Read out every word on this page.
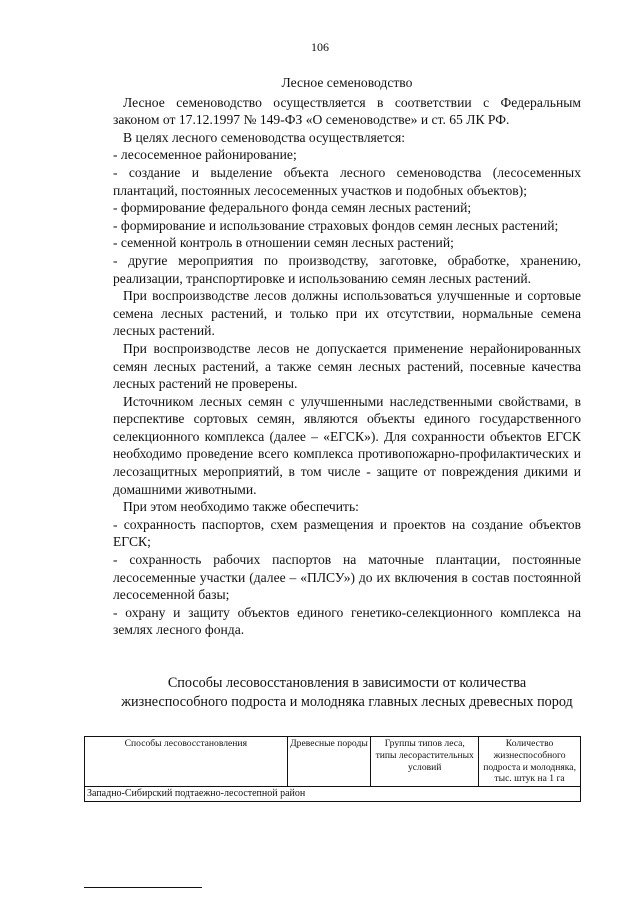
106

Лесное семеноводство

Лесное семеноводство осуществляется в соответствии с Федеральным законом от 17.12.1997 № 149-ФЗ «О семеноводстве» и ст. 65 ЛК РФ.

В целях лесного семеноводства осуществляется:

- лесосеменное районирование;

- создание и выделение объекта лесного семеноводства (лесосеменных плантаций, постоянных лесосеменных участков и подобных объектов);

- формирование федерального фонда семян лесных растений;

- формирование и использование страховых фондов семян лесных растений;

- семенной контроль в отношении семян лесных растений;

- другие мероприятия по производству, заготовке, обработке, хранению, реализации, транспортировке и использованию семян лесных растений.

При воспроизводстве лесов должны использоваться улучшенные и сортовые семена лесных растений, и только при их отсутствии, нормальные семена лесных растений.

При воспроизводстве лесов не допускается применение нерайонированных семян лесных растений, а также семян лесных растений, посевные качества лесных растений не проверены.

Источником лесных семян с улучшенными наследственными свойствами, в перспективе сортовых семян, являются объекты единого государственного селекционного комплекса (далее – «ЕГСК»). Для сохранности объектов ЕГСК необходимо проведение всего комплекса противопожарно-профилактических и лесозащитных мероприятий, в том числе - защите от повреждения дикими и домашними животными.

При этом необходимо также обеспечить:

- сохранность паспортов, схем размещения и проектов на создание объектов ЕГСК;

- сохранность рабочих паспортов на маточные плантации, постоянные лесосеменные участки (далее – «ПЛСУ») до их включения в состав постоянной лесосеменной базы;

- охрану и защиту объектов единого генетико-селекционного комплекса на землях лесного фонда.

Способы лесовосстановления в зависимости от количества жизнеспособного подроста и молодняка главных лесных древесных пород
Способы лесовосстановления	Древесные породы	Группы типов леса, типы лесорастительных условий	Количество жизнеспособного подроста и молодняка, тыс. штук на 1 га
Западно-Сибирский подтаежно-лесостепной район
